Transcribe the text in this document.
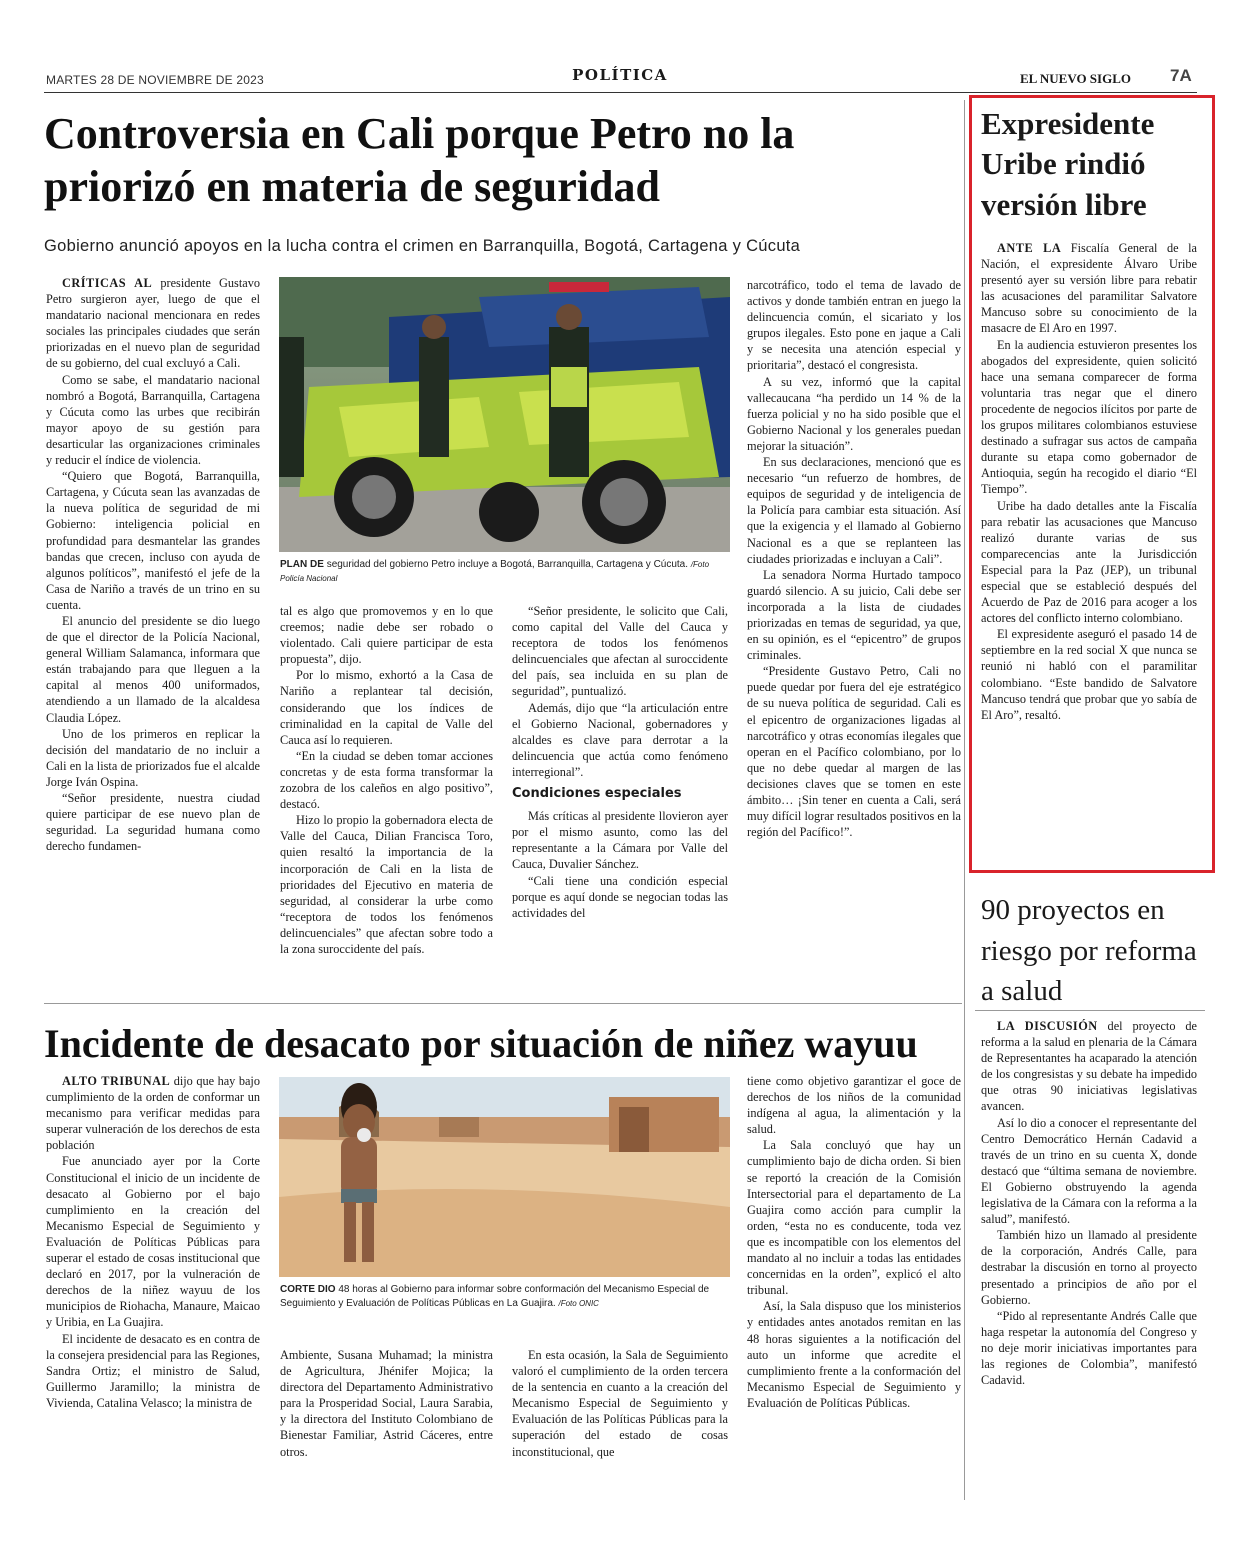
MARTES 28 DE NOVIEMBRE DE 2023	POLÍTICA	EL NUEVO SIGLO 7A
Controversia en Cali porque Petro no la priorizó en materia de seguridad
Gobierno anunció apoyos en la lucha contra el crimen en Barranquilla, Bogotá, Cartagena y Cúcuta

CRÍTICAS AL presidente Gustavo Petro surgieron ayer, luego de que el mandatario nacional mencionara en redes sociales las principales ciudades que serán priorizadas en el nuevo plan de seguridad de su gobierno, del cual excluyó a Cali.

Como se sabe, el mandatario nacional nombró a Bogotá, Barranquilla, Cartagena y Cúcuta como las urbes que recibirán mayor apoyo de su gestión para desarticular las organizaciones criminales y reducir el índice de violencia.

“Quiero que Bogotá, Barranquilla, Cartagena, y Cúcuta sean las avanzadas de la nueva política de seguridad de mi Gobierno: inteligencia policial en profundidad para desmantelar las grandes bandas que crecen, incluso con ayuda de algunos políticos”, manifestó el jefe de la Casa de Nariño a través de un trino en su cuenta.

El anuncio del presidente se dio luego de que el director de la Policía Nacional, general William Salamanca, informara que están trabajando para que lleguen a la capital al menos 400 uniformados, atendiendo a un llamado de la alcaldesa Claudia López.

Uno de los primeros en replicar la decisión del mandatario de no incluir a Cali en la lista de priorizados fue el alcalde Jorge Iván Ospina.

“Señor presidente, nuestra ciudad quiere participar de ese nuevo plan de seguridad. La seguridad humana como derecho fundamen-

PLAN DE seguridad del gobierno Petro incluye a Bogotá, Barranquilla, Cartagena y Cúcuta. /Foto Policía Nacional

tal es algo que promovemos y en lo que creemos; nadie debe ser robado o violentado. Cali quiere participar de esta propuesta”, dijo.

Por lo mismo, exhortó a la Casa de Nariño a replantear tal decisión, considerando que los índices de criminalidad en la capital de Valle del Cauca así lo requieren.

“En la ciudad se deben tomar acciones concretas y de esta forma transformar la zozobra de los caleños en algo positivo”, destacó.

Hizo lo propio la gobernadora electa de Valle del Cauca, Dilian Francisca Toro, quien resaltó la importancia de la incorporación de Cali en la lista de prioridades del Ejecutivo en materia de seguridad, al considerar la urbe como “receptora de todos los fenómenos delincuenciales” que afectan sobre todo a la zona suroccidente del país.

“Señor presidente, le solicito que Cali, como capital del Valle del Cauca y receptora de todos los fenómenos delincuenciales que afectan al suroccidente del país, sea incluida en su plan de seguridad”, puntualizó.

Además, dijo que “la articulación entre el Gobierno Nacional, gobernadores y alcaldes es clave para derrotar a la delincuencia que actúa como fenómeno interregional”.

Condiciones especiales

Más críticas al presidente llovieron ayer por el mismo asunto, como las del representante a la Cámara por Valle del Cauca, Duvalier Sánchez.

“Cali tiene una condición especial porque es aquí donde se negocian todas las actividades del

narcotráfico, todo el tema de lavado de activos y donde también entran en juego la delincuencia común, el sicariato y los grupos ilegales. Esto pone en jaque a Cali y se necesita una atención especial y prioritaria”, destacó el congresista.

A su vez, informó que la capital vallecaucana “ha perdido un 14 % de la fuerza policial y no ha sido posible que el Gobierno Nacional y los generales puedan mejorar la situación”.

En sus declaraciones, mencionó que es necesario “un refuerzo de hombres, de equipos de seguridad y de inteligencia de la Policía para cambiar esta situación. Así que la exigencia y el llamado al Gobierno Nacional es a que se replanteen las ciudades priorizadas e incluyan a Cali”.

La senadora Norma Hurtado tampoco guardó silencio. A su juicio, Cali debe ser incorporada a la lista de ciudades priorizadas en temas de seguridad, ya que, en su opinión, es el “epicentro” de grupos criminales.

“Presidente Gustavo Petro, Cali no puede quedar por fuera del eje estratégico de su nueva política de seguridad. Cali es el epicentro de organizaciones ligadas al narcotráfico y otras economías ilegales que operan en el Pacífico colombiano, por lo que no debe quedar al margen de las decisiones claves que se tomen en este ámbito… ¡Sin tener en cuenta a Cali, será muy difícil lograr resultados positivos en la región del Pacífico!”.

Expresidente Uribe rindió versión libre

ANTE LA Fiscalía General de la Nación, el expresidente Álvaro Uribe presentó ayer su versión libre para rebatir las acusaciones del paramilitar Salvatore Mancuso sobre su conocimiento de la masacre de El Aro en 1997.

En la audiencia estuvieron presentes los abogados del expresidente, quien solicitó hace una semana comparecer de forma voluntaria tras negar que el dinero procedente de negocios ilícitos por parte de los grupos militares colombianos estuviese destinado a sufragar sus actos de campaña durante su etapa como gobernador de Antioquia, según ha recogido el diario “El Tiempo”.

Uribe ha dado detalles ante la Fiscalía para rebatir las acusaciones que Mancuso realizó durante varias de sus comparecencias ante la Jurisdicción Especial para la Paz (JEP), un tribunal especial que se estableció después del Acuerdo de Paz de 2016 para acoger a los actores del conflicto interno colombiano.

El expresidente aseguró el pasado 14 de septiembre en la red social X que nunca se reunió ni habló con el paramilitar colombiano. “Este bandido de Salvatore Mancuso tendrá que probar que yo sabía de El Aro”, resaltó.

90 proyectos en riesgo por reforma a salud

LA DISCUSIÓN del proyecto de reforma a la salud en plenaria de la Cámara de Representantes ha acaparado la atención de los congresistas y su debate ha impedido que otras 90 iniciativas legislativas avancen.

Así lo dio a conocer el representante del Centro Democrático Hernán Cadavid a través de un trino en su cuenta X, donde destacó que “última semana de noviembre. El Gobierno obstruyendo la agenda legislativa de la Cámara con la reforma a la salud”, manifestó.

También hizo un llamado al presidente de la corporación, Andrés Calle, para destrabar la discusión en torno al proyecto presentado a principios de año por el Gobierno.

“Pido al representante Andrés Calle que haga respetar la autonomía del Congreso y no deje morir iniciativas importantes para las regiones de Colombia”, manifestó Cadavid.

Incidente de desacato por situación de niñez wayuu

ALTO TRIBUNAL dijo que hay bajo cumplimiento de la orden de conformar un mecanismo para verificar medidas para superar vulneración de los derechos de esta población

Fue anunciado ayer por la Corte Constitucional el inicio de un incidente de desacato al Gobierno por el bajo cumplimiento en la creación del Mecanismo Especial de Seguimiento y Evaluación de Políticas Públicas para superar el estado de cosas institucional que declaró en 2017, por la vulneración de derechos de la niñez wayuu de los municipios de Riohacha, Manaure, Maicao y Uribia, en La Guajira.

El incidente de desacato es en contra de la consejera presidencial para las Regiones, Sandra Ortiz; el ministro de Salud, Guillermo Jaramillo; la ministra de Vivienda, Catalina Velasco; la ministra de

CORTE DIO 48 horas al Gobierno para informar sobre conformación del Mecanismo Especial de Seguimiento y Evaluación de Políticas Públicas en La Guajira. /Foto ONIC

Ambiente, Susana Muhamad; la ministra de Agricultura, Jhénifer Mojica; la directora del Departamento Administrativo para la Prosperidad Social, Laura Sarabia, y la directora del Instituto Colombiano de Bienestar Familiar, Astrid Cáceres, entre otros.

En esta ocasión, la Sala de Seguimiento valoró el cumplimiento de la orden tercera de la sentencia en cuanto a la creación del Mecanismo Especial de Seguimiento y Evaluación de las Políticas Públicas para la superación del estado de cosas inconstitucional, que

tiene como objetivo garantizar el goce de derechos de los niños de la comunidad indígena al agua, la alimentación y la salud.

La Sala concluyó que hay un cumplimiento bajo de dicha orden. Si bien se reportó la creación de la Comisión Intersectorial para el departamento de La Guajira como acción para cumplir la orden, “esta no es conducente, toda vez que es incompatible con los elementos del mandato al no incluir a todas las entidades concernidas en la orden”, explicó el alto tribunal.

Así, la Sala dispuso que los ministerios y entidades antes anotados remitan en las 48 horas siguientes a la notificación del auto un informe que acredite el cumplimiento frente a la conformación del Mecanismo Especial de Seguimiento y Evaluación de Políticas Públicas.
